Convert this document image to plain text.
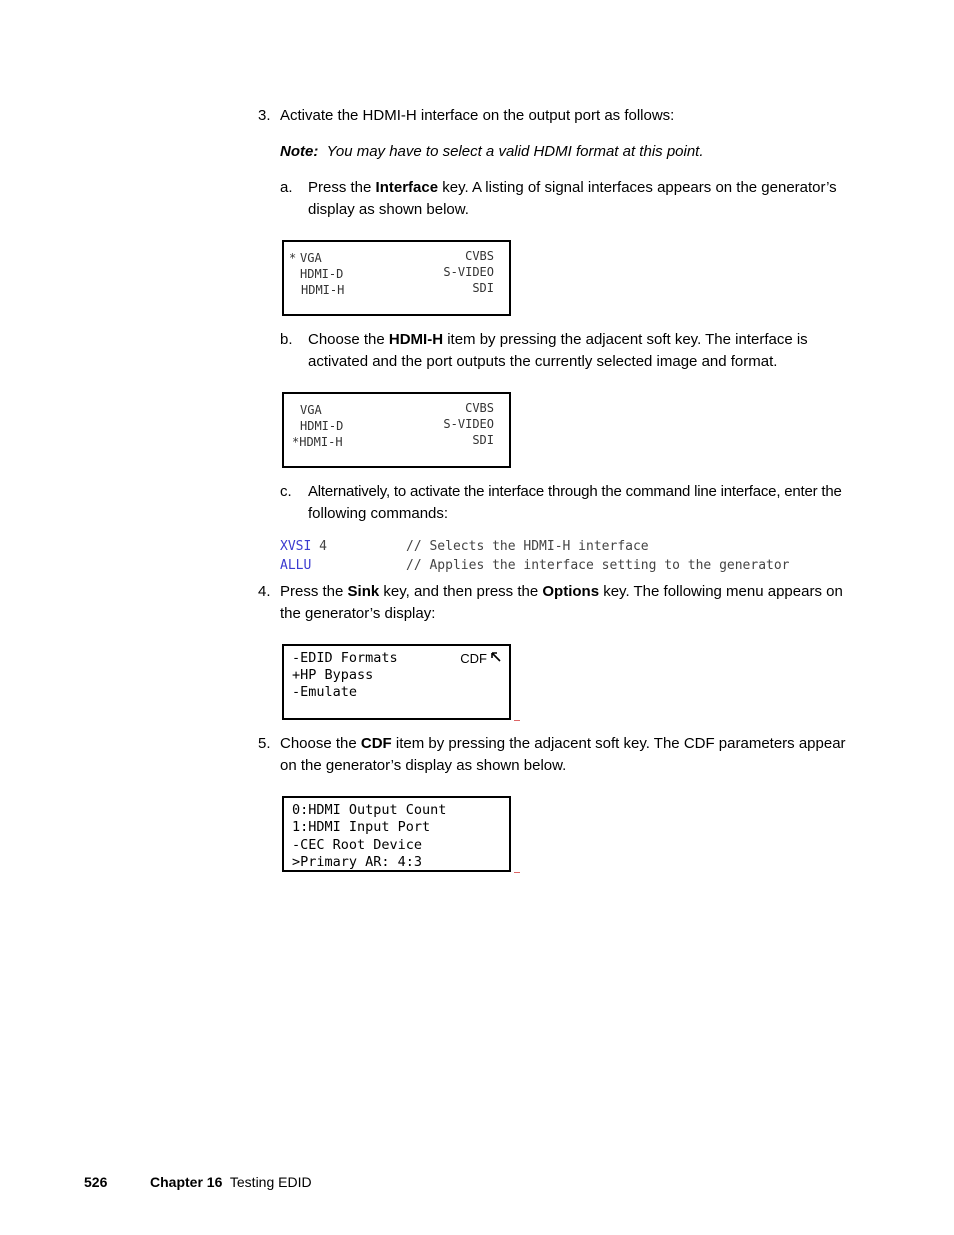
3. Activate the HDMI-H interface on the output port as follows:
Note: You may have to select a valid HDMI format at this point.
a. Press the Interface key. A listing of signal interfaces appears on the generator’s
display as shown below.
* VGA
HDMI-D
HDMI-H
CVBS
S-VIDEO
SDI
b. Choose the HDMI-H item by pressing the adjacent soft key. The interface is
activated and the port outputs the currently selected image and format.
VGA
HDMI-D
*HDMI-H
CVBS
S-VIDEO
SDI
c. Alternatively, to activate the interface through the command line interface, enter the
following commands:
XVSI 4	// Selects the HDMI-H interface
ALLU	// Applies the interface setting to the generator
4. Press the Sink key, and then press the Options key. The following menu appears on
the generator’s display:
-EDID Formats
+HP Bypass
-Emulate
CDF
5. Choose the CDF item by pressing the adjacent soft key. The CDF parameters appear
on the generator’s display as shown below.
0:HDMI Output Count
1:HDMI Input Port
-CEC Root Device
>Primary AR: 4:3
526	Chapter 16 Testing EDID
